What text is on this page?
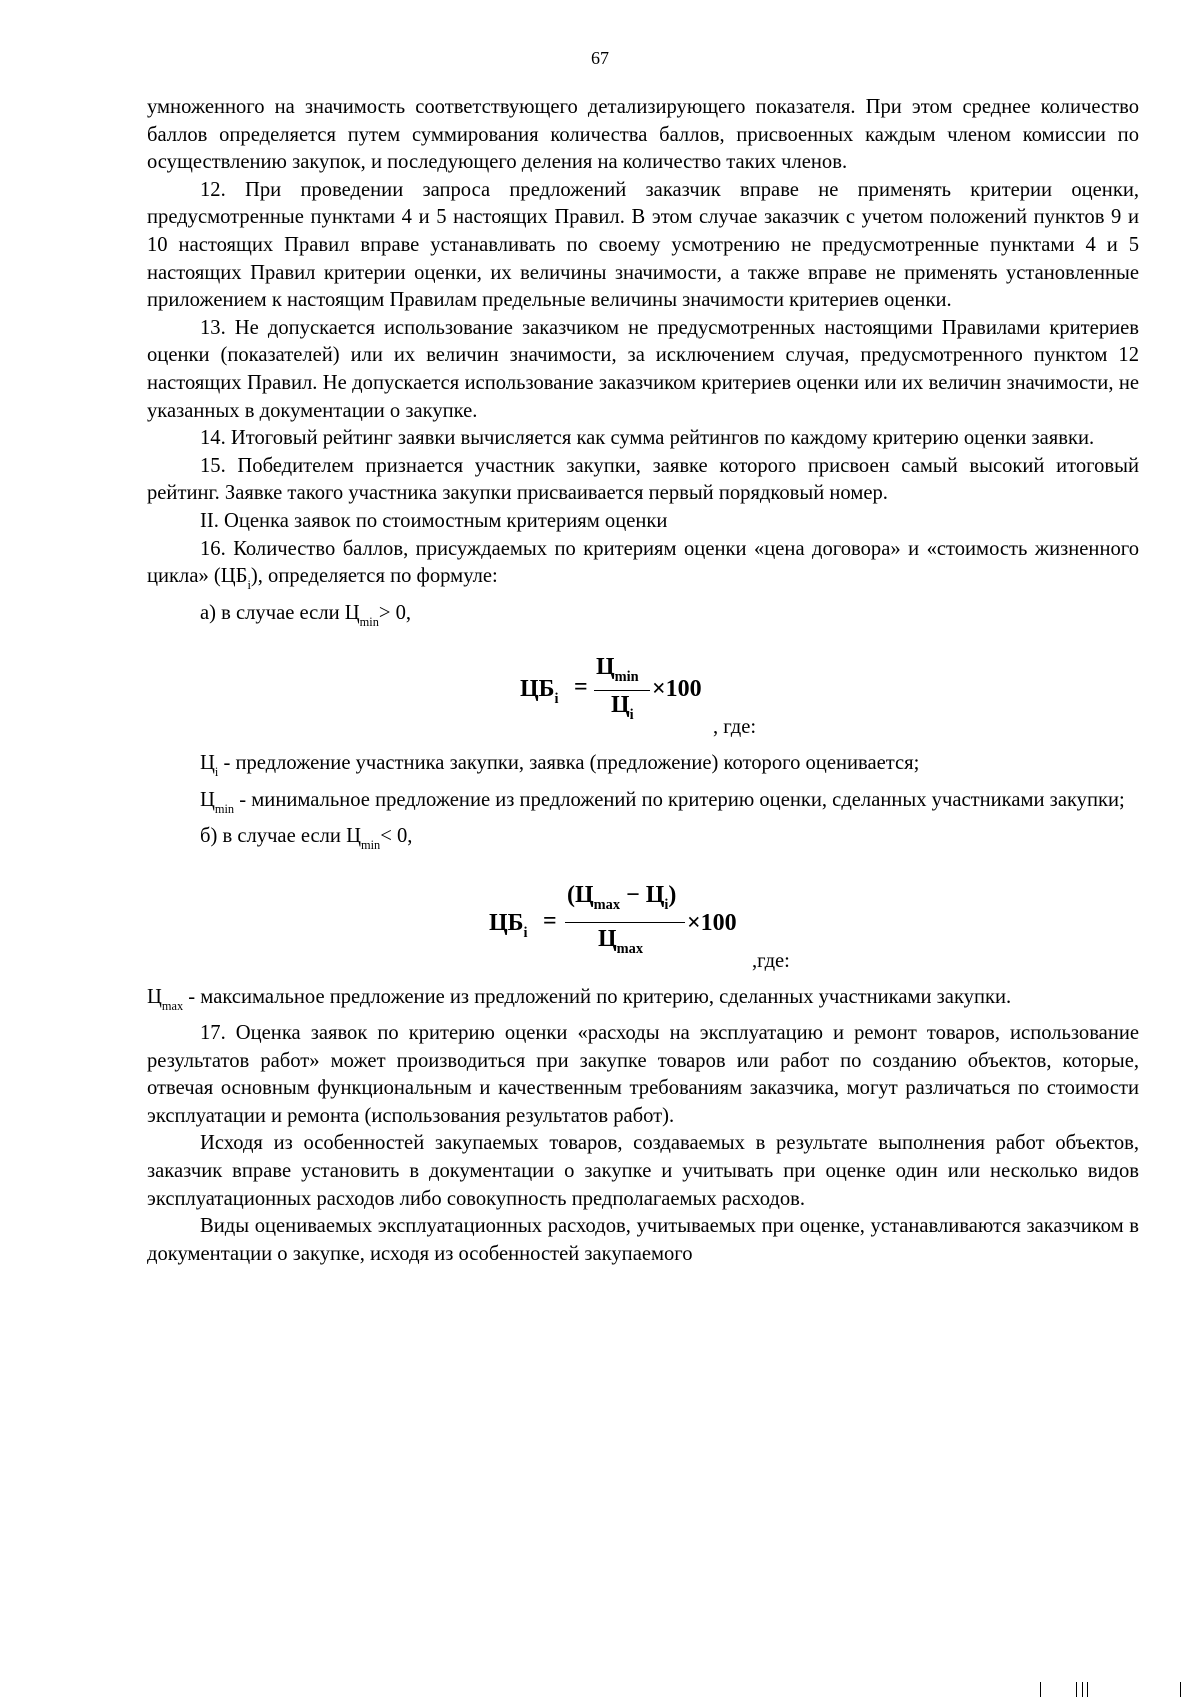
67

умноженного на значимость соответствующего детализирующего показателя. При этом среднее количество баллов определяется путем суммирования количества баллов, присвоенных каждым членом комиссии по осуществлению закупок, и последующего деления на количество таких членов.

12. При проведении запроса предложений заказчик вправе не применять критерии оценки, предусмотренные пунктами 4 и 5 настоящих Правил. В этом случае заказчик с учетом положений пунктов 9 и 10 настоящих Правил вправе устанавливать по своему усмотрению не предусмотренные пунктами 4 и 5 настоящих Правил критерии оценки, их величины значимости, а также вправе не применять установленные приложением к настоящим Правилам предельные величины значимости критериев оценки.

13. Не допускается использование заказчиком не предусмотренных настоящими Правилами критериев оценки (показателей) или их величин значимости, за исключением случая, предусмотренного пунктом 12 настоящих Правил. Не допускается использование заказчиком критериев оценки или их величин значимости, не указанных в документации о закупке.

14. Итоговый рейтинг заявки вычисляется как сумма рейтингов по каждому критерию оценки заявки.

15. Победителем признается участник закупки, заявке которого присвоен самый высокий итоговый рейтинг. Заявке такого участника закупки присваивается первый порядковый номер.

II. Оценка заявок по стоимостным критериям оценки

16. Количество баллов, присуждаемых по критериям оценки «цена договора» и «стоимость жизненного цикла» $(ЦБ_i)$, определяется по формуле:

а) в случае если $Ц_{min}> 0$,

$ЦБ_i$ =
$Ц_{min}$
$Ц_i$
×100
, где:

$Ц_i$ - предложение участника закупки, заявка (предложение) которого оценивается;

$Ц_{min}$ - минимальное предложение из предложений по критерию оценки, сделанных участниками закупки;

б) в случае если $Ц_{min}< 0$,

$ЦБ_i$ =
$(Ц_{max} - Ц_i)$
$Ц_{max}$
×100
,где:

$Ц_{max}$ - максимальное предложение из предложений по критерию, сделанных участниками закупки.

17. Оценка заявок по критерию оценки «расходы на эксплуатацию и ремонт товаров, использование результатов работ» может производиться при закупке товаров или работ по созданию объектов, которые, отвечая основным функциональным и качественным требованиям заказчика, могут различаться по стоимости эксплуатации и ремонта (использования результатов работ).

Исходя из особенностей закупаемых товаров, создаваемых в результате выполнения работ объектов, заказчик вправе установить в документации о закупке и учитывать при оценке один или несколько видов эксплуатационных расходов либо совокупность предполагаемых расходов.

Виды оцениваемых эксплуатационных расходов, учитываемых при оценке, устанавливаются заказчиком в документации о закупке, исходя из особенностей закупаемого
